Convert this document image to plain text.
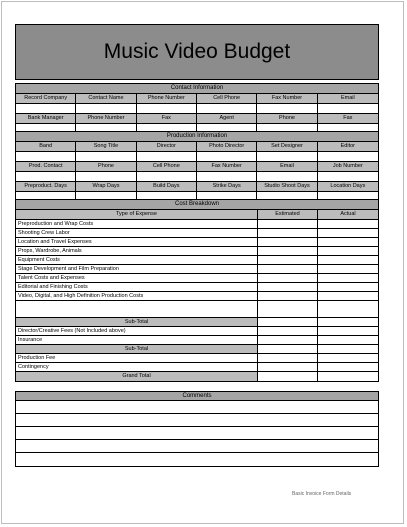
Music Video Budget
Contact Information
Record Company	Contact Name	Phone Number	Cell Phone	Fax Number	Email
Bank Manager	Phone Number	Fax	Agent	Phone	Fax
Production Information
Band	Song Title	Director	Photo Director	Set Designer	Editor
Prod. Contact	Phone	Cell Phone	Fax Number	Email	Job Number
Preproduct. Days	Wrap Days	Build Days	Strike Days	Studio Shoot Days	Location Days
Cost Breakdown
Type of Expense	Estimated	Actual
Preproduction and Wrap Costs
Shooting Crew Labor
Location and Travel Expenses
Props, Wardrobe, Animals
Equipment Costs
Stage Development and Film Preparation
Talent Costs and Expenses
Editorial and Finishing Costs
Video, Digital, and High Definition Production Costs
Sub-Total
Director/Creative Fees (Not Included above)
Insurance
Sub-Total
Production Fee
Contingency
Grand Total
Comments
Basic Invoice Form Details
